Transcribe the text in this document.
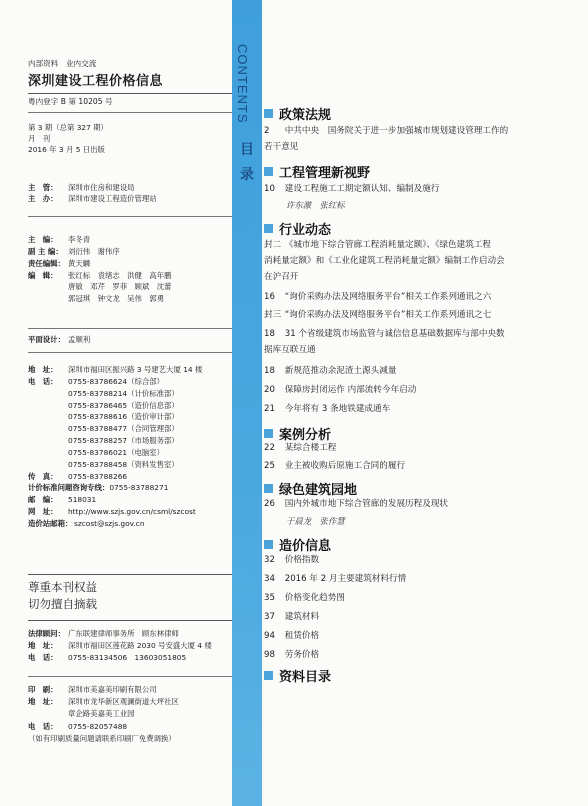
内部资料　业内交流
深圳建设工程价格信息
粤内登字 B 第 10205 号
第 3 期（总第 327 期）
月　刊
2016 年 3 月 5 日出版
主　管：	深圳市住房和建设局
主　办：	深圳市建设工程造价管理站
主　编：	李冬青
副 主 编： 刘衍伟　谢伟序
责任编辑： 黄天麟
编　辑：	张红标　袁绪志　洪健　高年鹏
唐敏　邓芹　罗菲　顾斌　沈蕾
郭冠琪　钟文龙　吴伟　郭勇
平面设计： 孟顺利
地　址：	深圳市福田区振兴路 3 号建艺大厦 14 楼
电　话：	0755-83786624（综合部）
0755-83788214（计价标准部）
0755-83786465（造价信息部）
0755-83788616（造价审计部）
0755-83788477（合同管理部）
0755-83788257（市场服务部）
0755-83786021（电脑室）
0755-83788458（资料发售室）
传　真：	0755-83788266
计价标准问题咨询专线： 0755-83788271
邮　编：	518031
网　址：	http://www.szjs.gov.cn/csml/szcost
造价站邮箱： szcost@szjs.gov.cn
尊重本刊权益
切勿擅自摘载
法律顾问： 广东联建律师事务所　顾东林律师
地　址：	深圳市福田区莲花路 2030 号安盛大厦 4 楼
电　话：	0755-83134506　13603051805
印　刷：	深圳市美嘉美印刷有限公司
地　址：	深圳市龙华新区观澜街道大坪社区
章企路美嘉美工业园
电　话：	0755-82057488
（如有印刷质量问题请联系印刷厂免费调换）
CONTENTS
目
录
政策法规
2 中共中央　国务院关于进一步加强城市规划建设管理工作的
若干意见
工程管理新视野
10 建设工程施工工期定额认知、编制及施行
许东激　张红标
行业动态
封二 《城市地下综合管廊工程消耗量定额》、《绿色建筑工程
消耗量定额》和《工业化建筑工程消耗量定额》编制工作启动会
在沪召开
16 “询价采购办法及网络服务平台”相关工作系列通讯之六
封三 “询价采购办法及网络服务平台”相关工作系列通讯之七
18 31 个省级建筑市场监管与诚信信息基础数据库与部中央数
据库互联互通
18 新规范推动余泥渣土源头减量
20 保障房封闭运作 内部流转今年启动
21 今年将有 3 条地铁建成通车
案例分析
22 某综合楼工程
25 业主被收购后原施工合同的履行
绿色建筑园地
26 国内外城市地下综合管廊的发展历程及现状
于晨龙　张作慧
造价信息
32 价格指数
34 2016 年 2 月主要建筑材料行情
35 价格变化趋势图
37 建筑材料
94 租赁价格
98 劳务价格
资料目录
